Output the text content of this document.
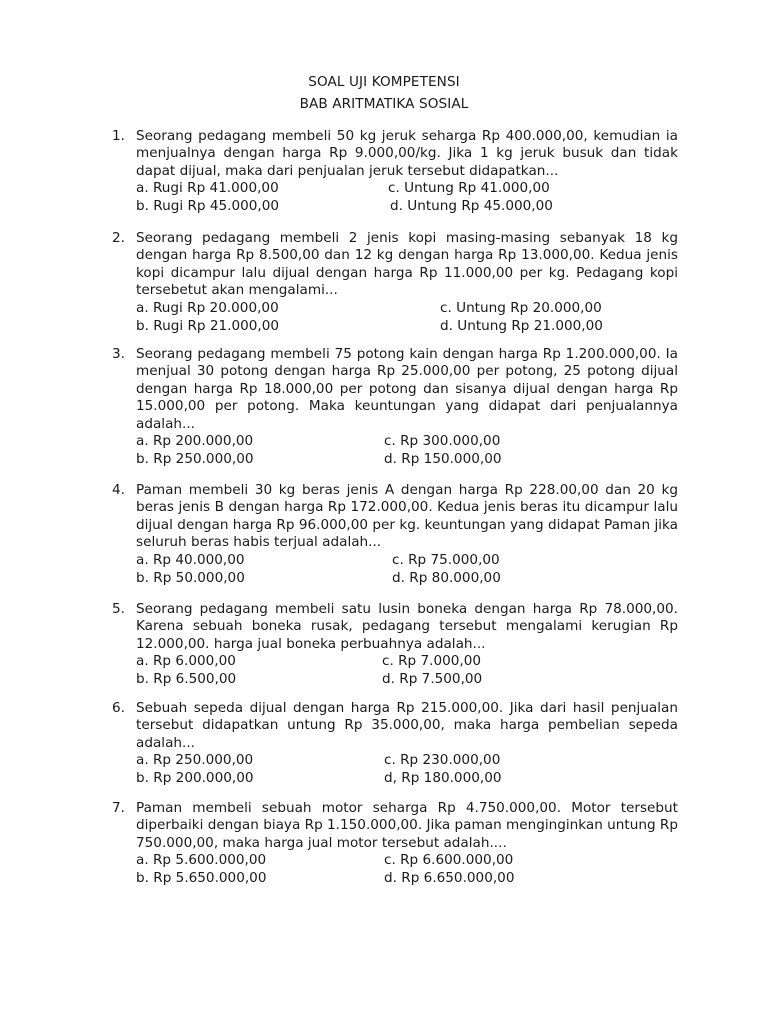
SOAL UJI KOMPETENSI
BAB ARITMATIKA SOSIAL
1. Seorang pedagang membeli 50 kg jeruk seharga Rp 400.000,00, kemudian ia menjualnya dengan harga Rp 9.000,00/kg. Jika 1 kg jeruk busuk dan tidak dapat dijual, maka dari penjualan jeruk tersebut didapatkan...
a. Rugi Rp 41.000,00
b. Rugi Rp 45.000,00
c. Untung Rp 41.000,00
d. Untung Rp 45.000,00
2. Seorang pedagang membeli 2 jenis kopi masing-masing sebanyak 18 kg dengan harga Rp 8.500,00 dan 12 kg dengan harga Rp 13.000,00. Kedua jenis kopi dicampur lalu dijual dengan harga Rp 11.000,00 per kg. Pedagang kopi tersebetut akan mengalami...
a. Rugi Rp 20.000,00
b. Rugi Rp 21.000,00
c. Untung Rp 20.000,00
d. Untung Rp 21.000,00
3. Seorang pedagang membeli 75 potong kain dengan harga Rp 1.200.000,00. Ia menjual 30 potong dengan harga Rp 25.000,00 per potong, 25 potong dijual dengan harga Rp 18.000,00 per potong dan sisanya dijual dengan harga Rp 15.000,00 per potong. Maka keuntungan yang didapat dari penjualannya adalah...
a. Rp 200.000,00
b. Rp 250.000,00
c. Rp 300.000,00
d. Rp 150.000,00
4. Paman membeli 30 kg beras jenis A dengan harga Rp 228.00,00 dan 20 kg beras jenis B dengan harga Rp 172.000,00. Kedua jenis beras itu dicampur lalu dijual dengan harga Rp 96.000,00 per kg. keuntungan yang didapat Paman jika seluruh beras habis terjual adalah...
a. Rp 40.000,00
b. Rp 50.000,00
c. Rp 75.000,00
d. Rp 80.000,00
5. Seorang pedagang membeli satu lusin boneka dengan harga Rp 78.000,00. Karena sebuah boneka rusak, pedagang tersebut mengalami kerugian Rp 12.000,00. harga jual boneka perbuahnya adalah...
a. Rp 6.000,00
b. Rp 6.500,00
c. Rp 7.000,00
d. Rp 7.500,00
6. Sebuah sepeda dijual dengan harga Rp 215.000,00. Jika dari hasil penjualan tersebut didapatkan untung Rp 35.000,00, maka harga pembelian sepeda adalah...
a. Rp 250.000,00
b. Rp 200.000,00
c. Rp 230.000,00
d, Rp 180.000,00
7. Paman membeli sebuah motor seharga Rp 4.750.000,00. Motor tersebut diperbaiki dengan biaya Rp 1.150.000,00. Jika paman menginginkan untung Rp 750.000,00, maka harga jual motor tersebut adalah....
a. Rp 5.600.000,00
b. Rp 5.650.000,00
c. Rp 6.600.000,00
d. Rp 6.650.000,00
